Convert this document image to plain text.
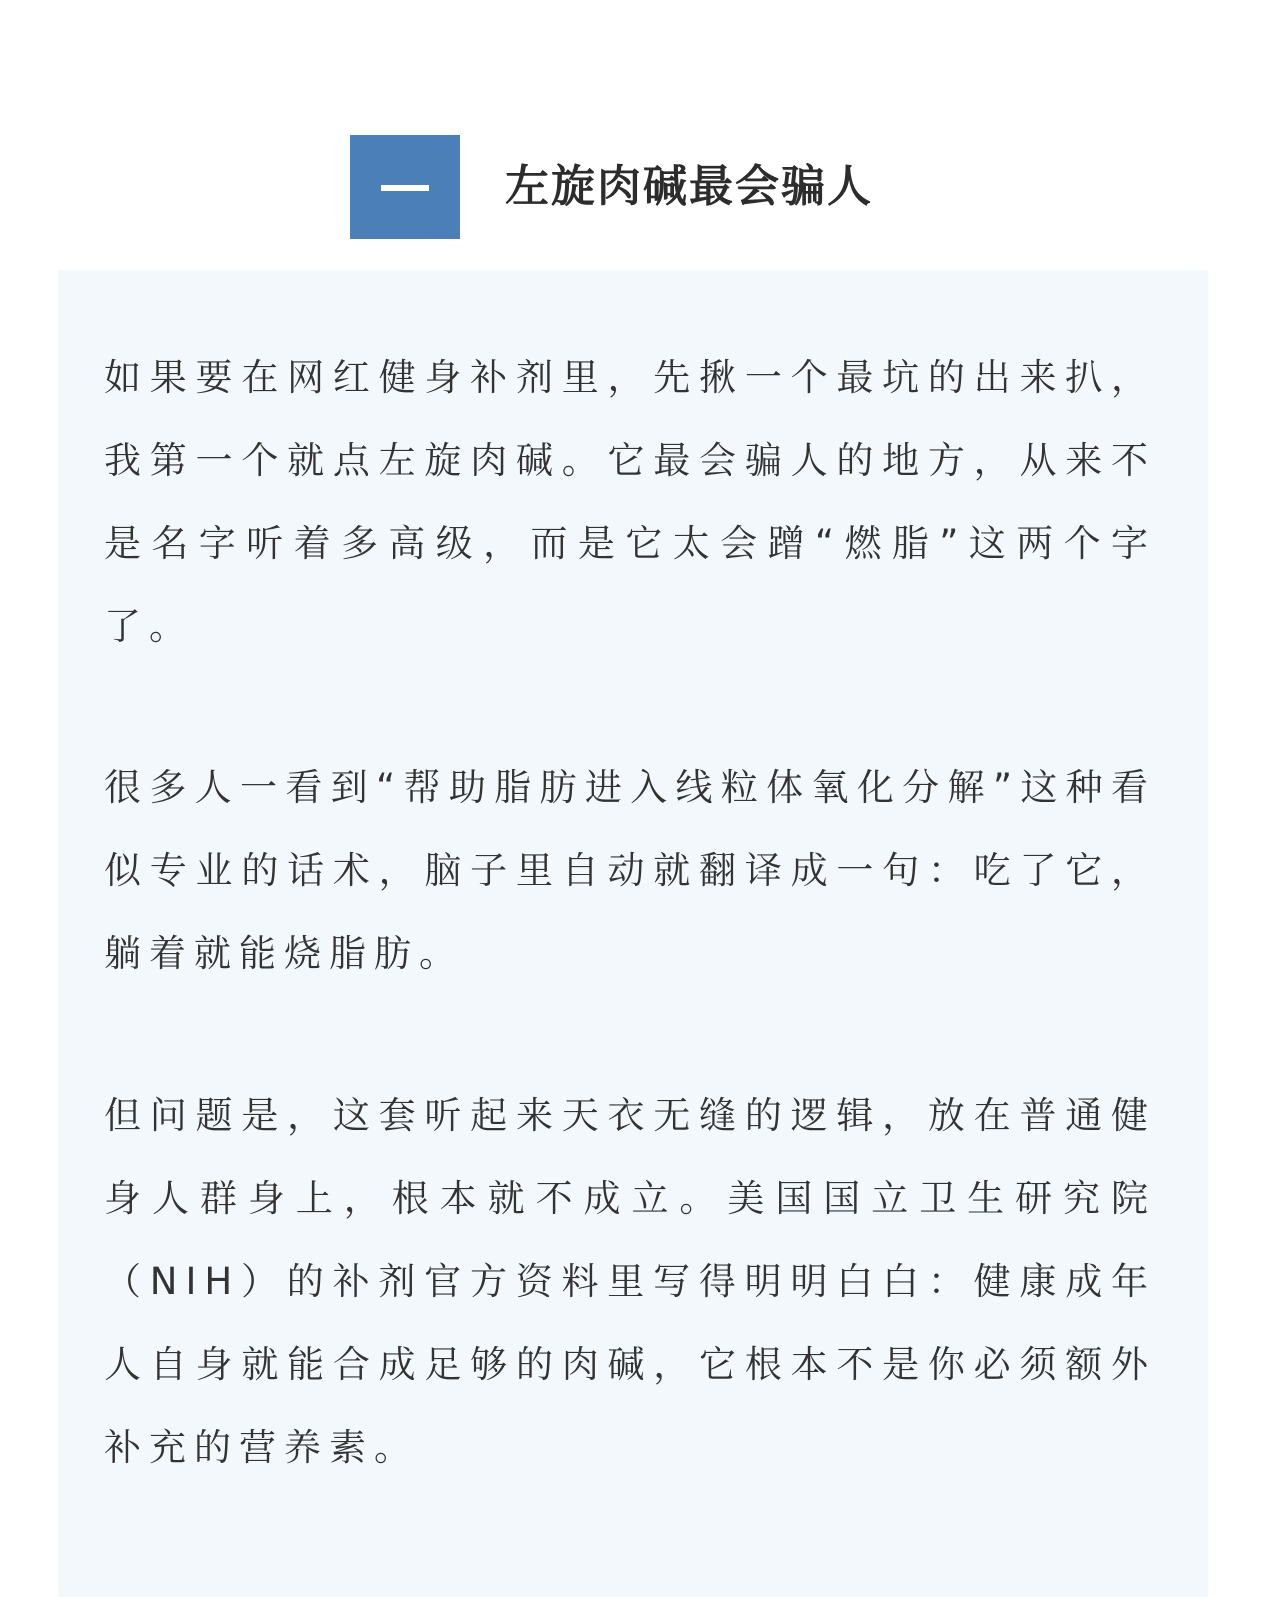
左旋肉碱最会骗人

如果要在网红健身补剂里，先揪一个最坑的出来扒，我第一个就点左旋肉碱。它最会骗人的地方，从来不是名字听着多高级，而是它太会蹭“燃脂”这两个字了。

很多人一看到“帮助脂肪进入线粒体氧化分解”这种看似专业的话术，脑子里自动就翻译成一句：吃了它，躺着就能烧脂肪。

但问题是，这套听起来天衣无缝的逻辑，放在普通健身人群身上，根本就不成立。美国国立卫生研究院（NIH）的补剂官方资料里写得明明白白：健康成年人自身就能合成足够的肉碱，它根本不是你必须额外补充的营养素。
